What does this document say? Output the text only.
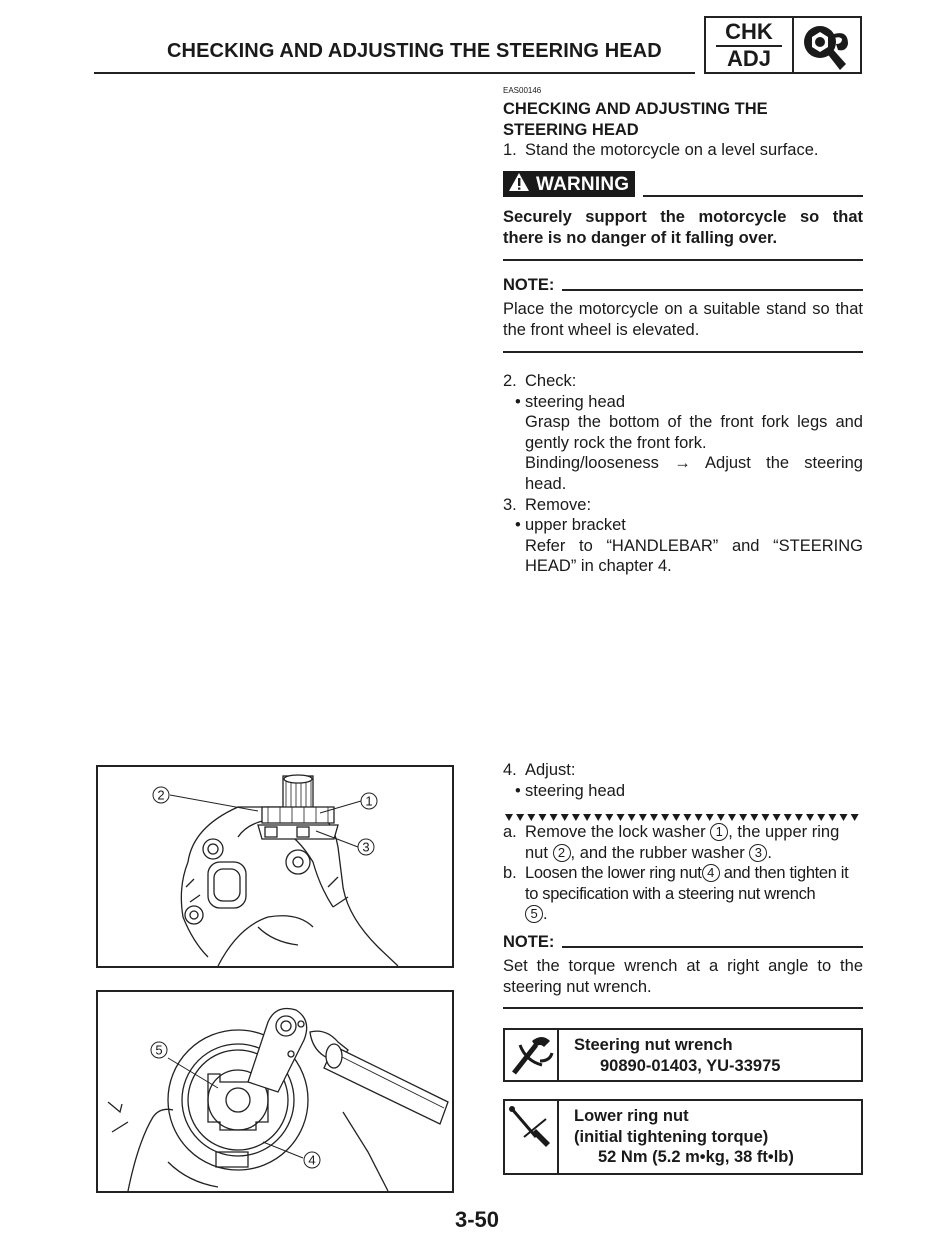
CHECKING AND ADJUSTING THE STEERING HEAD
CHK
ADJ
EAS00146
CHECKING AND ADJUSTING THE
STEERING HEAD
1. Stand the motorcycle on a level surface.
WARNING
Securely support the motorcycle so that there is no danger of it falling over.
NOTE:
Place the motorcycle on a suitable stand so that the front wheel is elevated.
2. Check:
• steering head
Grasp the bottom of the front fork legs and gently rock the front fork.
Binding/looseness → Adjust the steering head.
3. Remove:
• upper bracket
Refer to “HANDLEBAR” and “STEERING HEAD” in chapter 4.
4. Adjust:
• steering head
a. Remove the lock washer 1 , the upper ring nut 2 , and the rubber washer 3 .
b. Loosen the lower ring nut 4 and then tighten it to specification with a steering nut wrench
5 .
NOTE:
Set the torque wrench at a right angle to the steering nut wrench.
Steering nut wrench
90890-01403, YU-33975
Lower ring nut
(initial tightening torque)
52 Nm (5.2 m•kg, 38 ft•lb)
1
2
3
4
5
3-50
